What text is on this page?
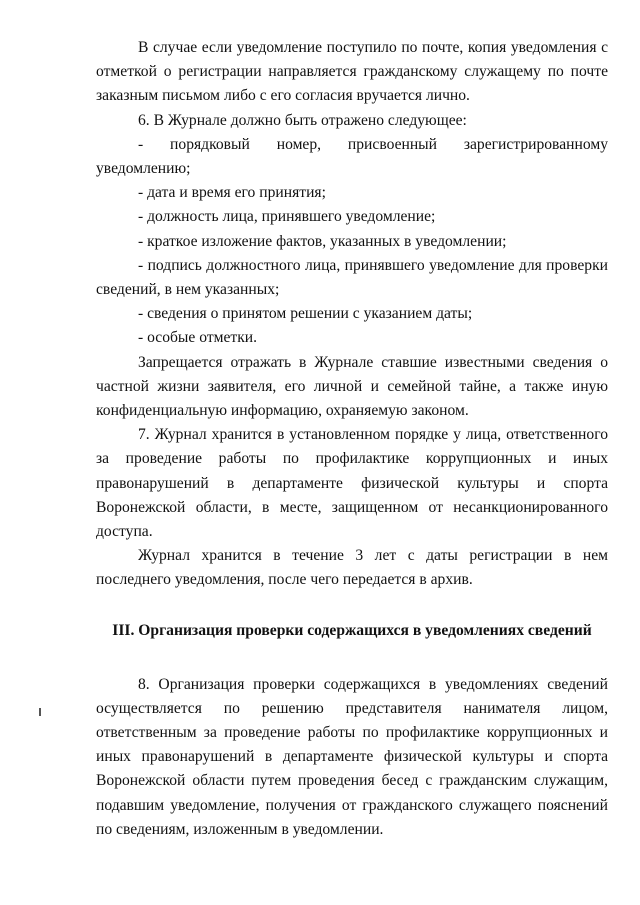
В случае если уведомление поступило по почте, копия уведомления с отметкой о регистрации направляется гражданскому служащему по почте заказным письмом либо с его согласия вручается лично.

6. В Журнале должно быть отражено следующее:

- порядковый номер, присвоенный зарегистрированному уведомлению;

- дата и время его принятия;

- должность лица, принявшего уведомление;

- краткое изложение фактов, указанных в уведомлении;

- подпись должностного лица, принявшего уведомление для проверки сведений, в нем указанных;

- сведения о принятом решении с указанием даты;

- особые отметки.

Запрещается отражать в Журнале ставшие известными сведения о частной жизни заявителя, его личной и семейной тайне, а также иную конфиденциальную информацию, охраняемую законом.

7. Журнал хранится в установленном порядке у лица, ответственного за проведение работы по профилактике коррупционных и иных правонарушений в департаменте физической культуры и спорта Воронежской области, в месте, защищенном от несанкционированного доступа.

Журнал хранится в течение 3 лет с даты регистрации в нем последнего уведомления, после чего передается в архив.

III. Организация проверки содержащихся в уведомлениях сведений

8. Организация проверки содержащихся в уведомлениях сведений осуществляется по решению представителя нанимателя лицом, ответственным за проведение работы по профилактике коррупционных и иных правонарушений в департаменте физической культуры и спорта Воронежской области путем проведения бесед с гражданским служащим, подавшим уведомление, получения от гражданского служащего пояснений по сведениям, изложенным в уведомлении.
